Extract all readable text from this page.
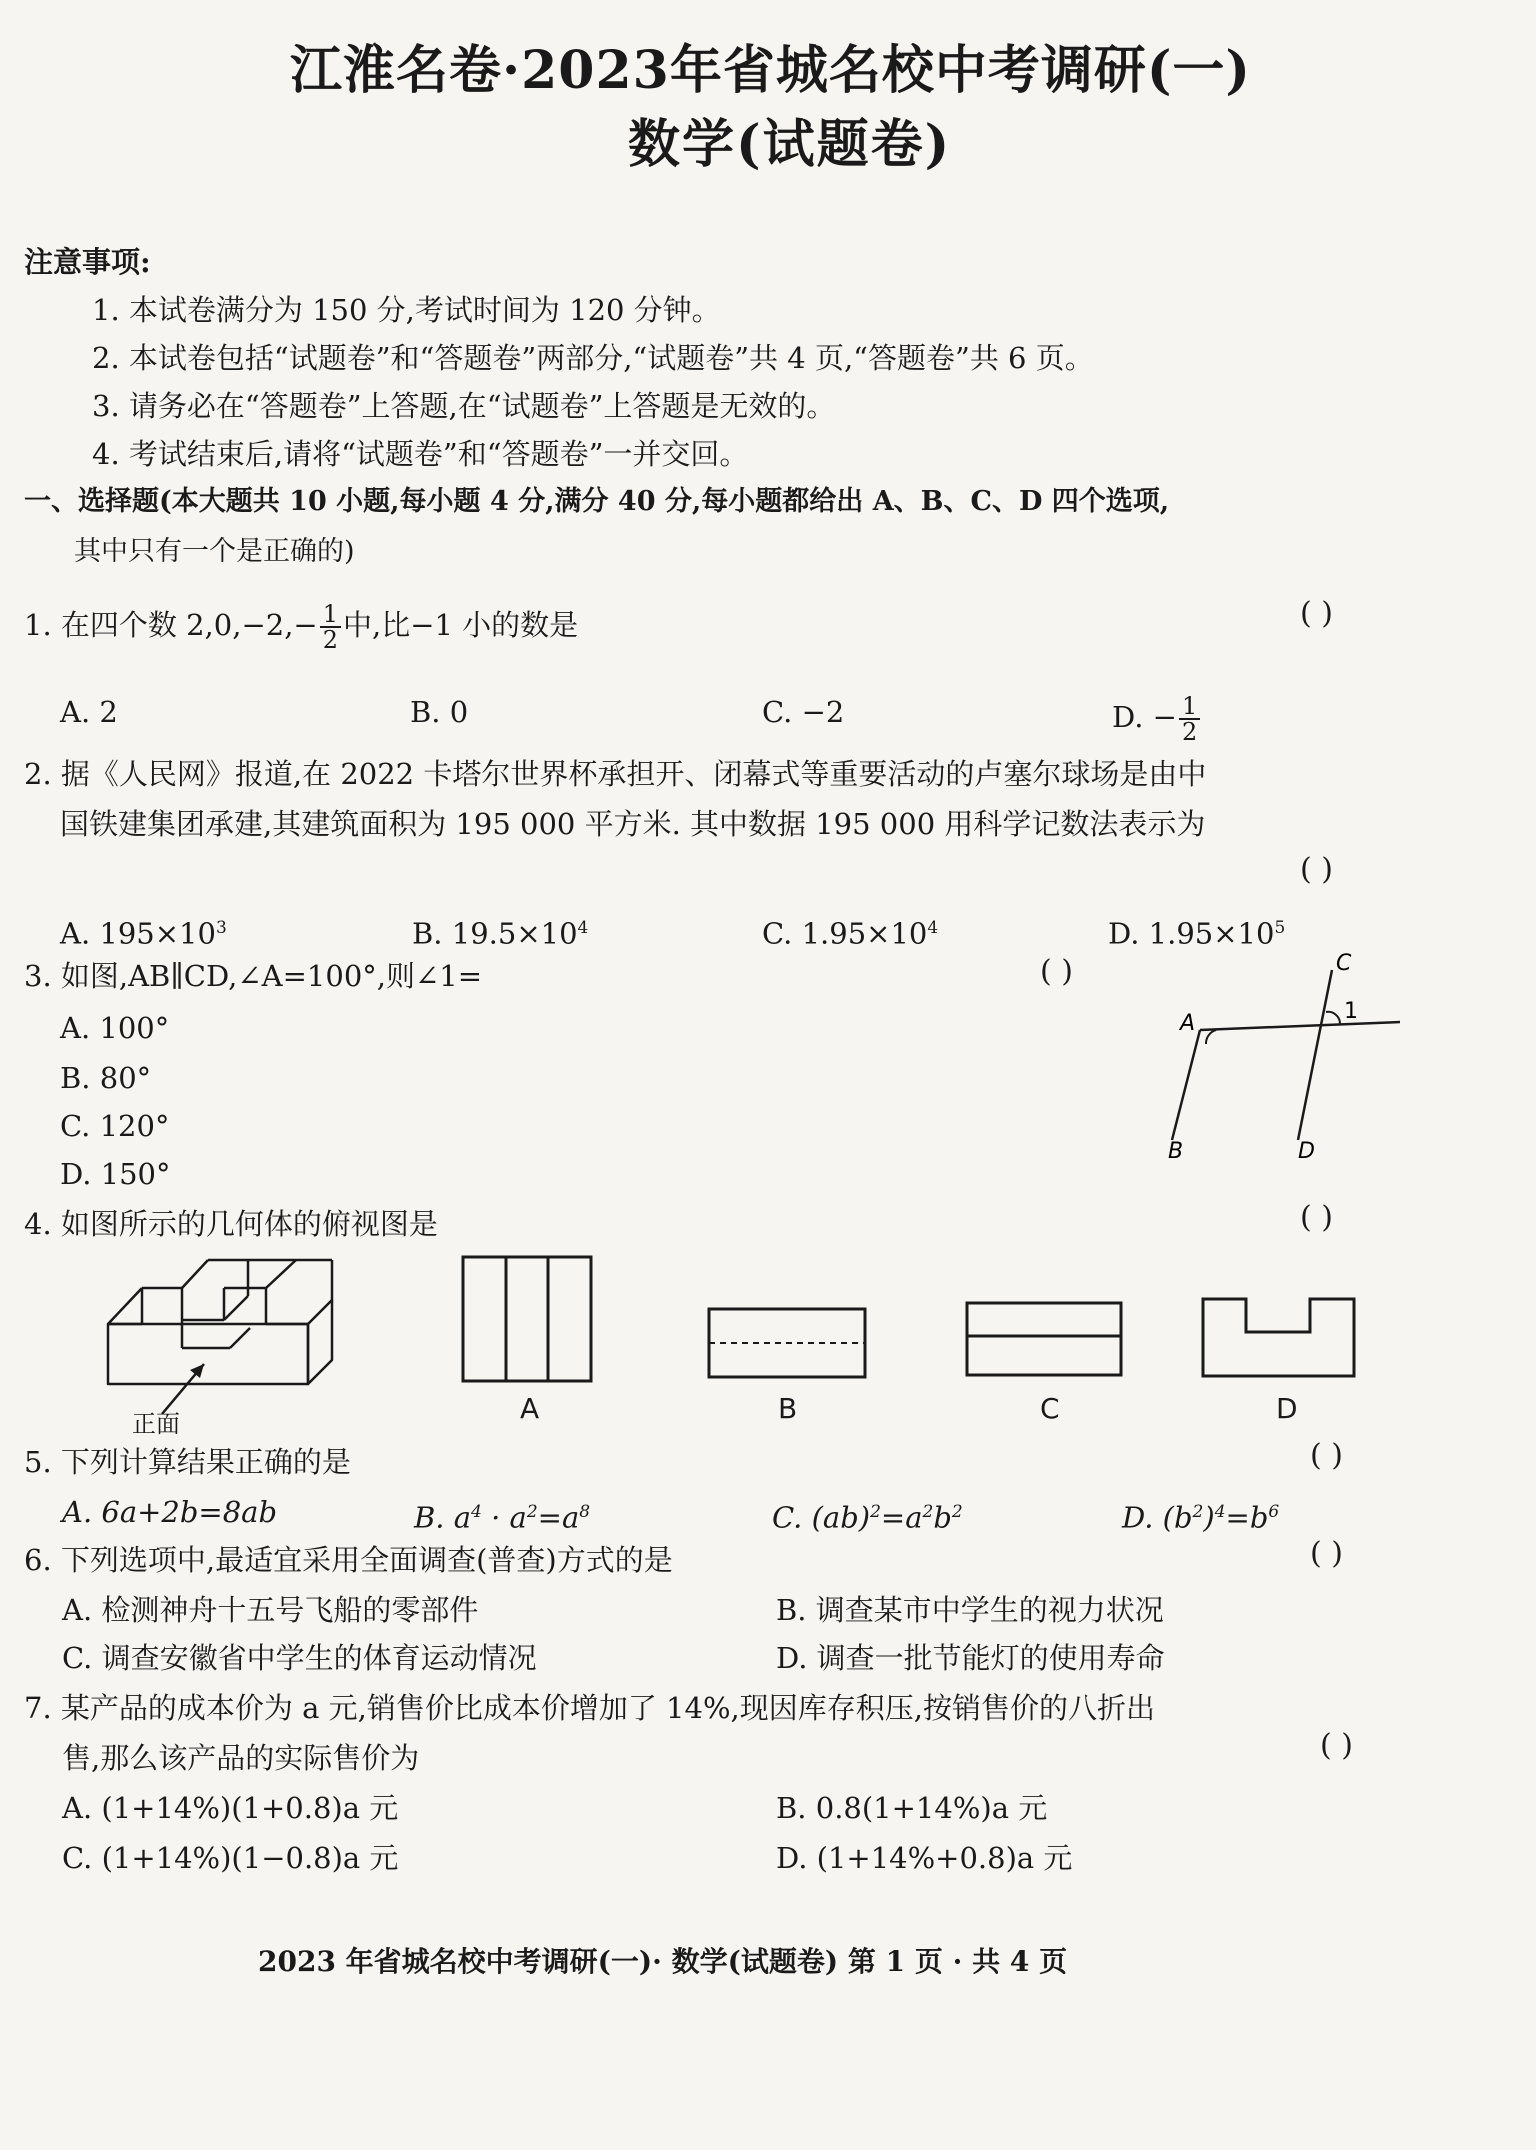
江淮名卷·2023年省城名校中考调研(一)
数学(试题卷)
注意事项:
1. 本试卷满分为 150 分,考试时间为 120 分钟。
2. 本试卷包括“试题卷”和“答题卷”两部分,“试题卷”共 4 页,“答题卷”共 6 页。
3. 请务必在“答题卷”上答题,在“试题卷”上答题是无效的。
4. 考试结束后,请将“试题卷”和“答题卷”一并交回。
一、选择题(本大题共 10 小题,每小题 4 分,满分 40 分,每小题都给出 A、B、C、D 四个选项,
其中只有一个是正确的)
1. 在四个数 $2,0,-2,- \frac{1}{2}$ 中,比−1 小的数是	( )
A. 2	B. 0	C. −2	D. − $\frac{1}{2}$
2. 据《人民网》报道,在 2022 卡塔尔世界杯承担开、闭幕式等重要活动的卢塞尔球场是由中
国铁建集团承建,其建筑面积为 195 000 平方米. 其中数据 195 000 用科学记数法表示为
( )
A. $195\times 10^3$	B. $19.5\times 10^4$	C. $1.95\times 10^4$	D. $1.95\times 10^5$
3. 如图,AB∥CD,∠A=100°,则∠1=	( )
A. 100°
B. 80°
C. 120°
D. 150°
A
B
C
D
1
4. 如图所示的几何体的俯视图是	( )
正面	A	B	C	D
5. 下列计算结果正确的是	( )
A. 6a+2b=8ab	B. $a^4 \cdot a^2=a^8$	C. $(ab)^2=a^2b^2$	D. $(b^2)^4=b^6$
6. 下列选项中,最适宜采用全面调查(普查)方式的是	( )
A. 检测神舟十五号飞船的零部件	B. 调查某市中学生的视力状况
C. 调查安徽省中学生的体育运动情况	D. 调查一批节能灯的使用寿命
7. 某产品的成本价为 a 元,销售价比成本价增加了 14%,现因库存积压,按销售价的八折出
售,那么该产品的实际售价为	( )
A. (1+14%)(1+0.8)a 元	B. 0.8(1+14%)a 元
C. (1+14%)(1−0.8)a 元	D. (1+14%+0.8)a 元
2023 年省城名校中考调研(一)· 数学(试题卷) 第 1 页 · 共 4 页
